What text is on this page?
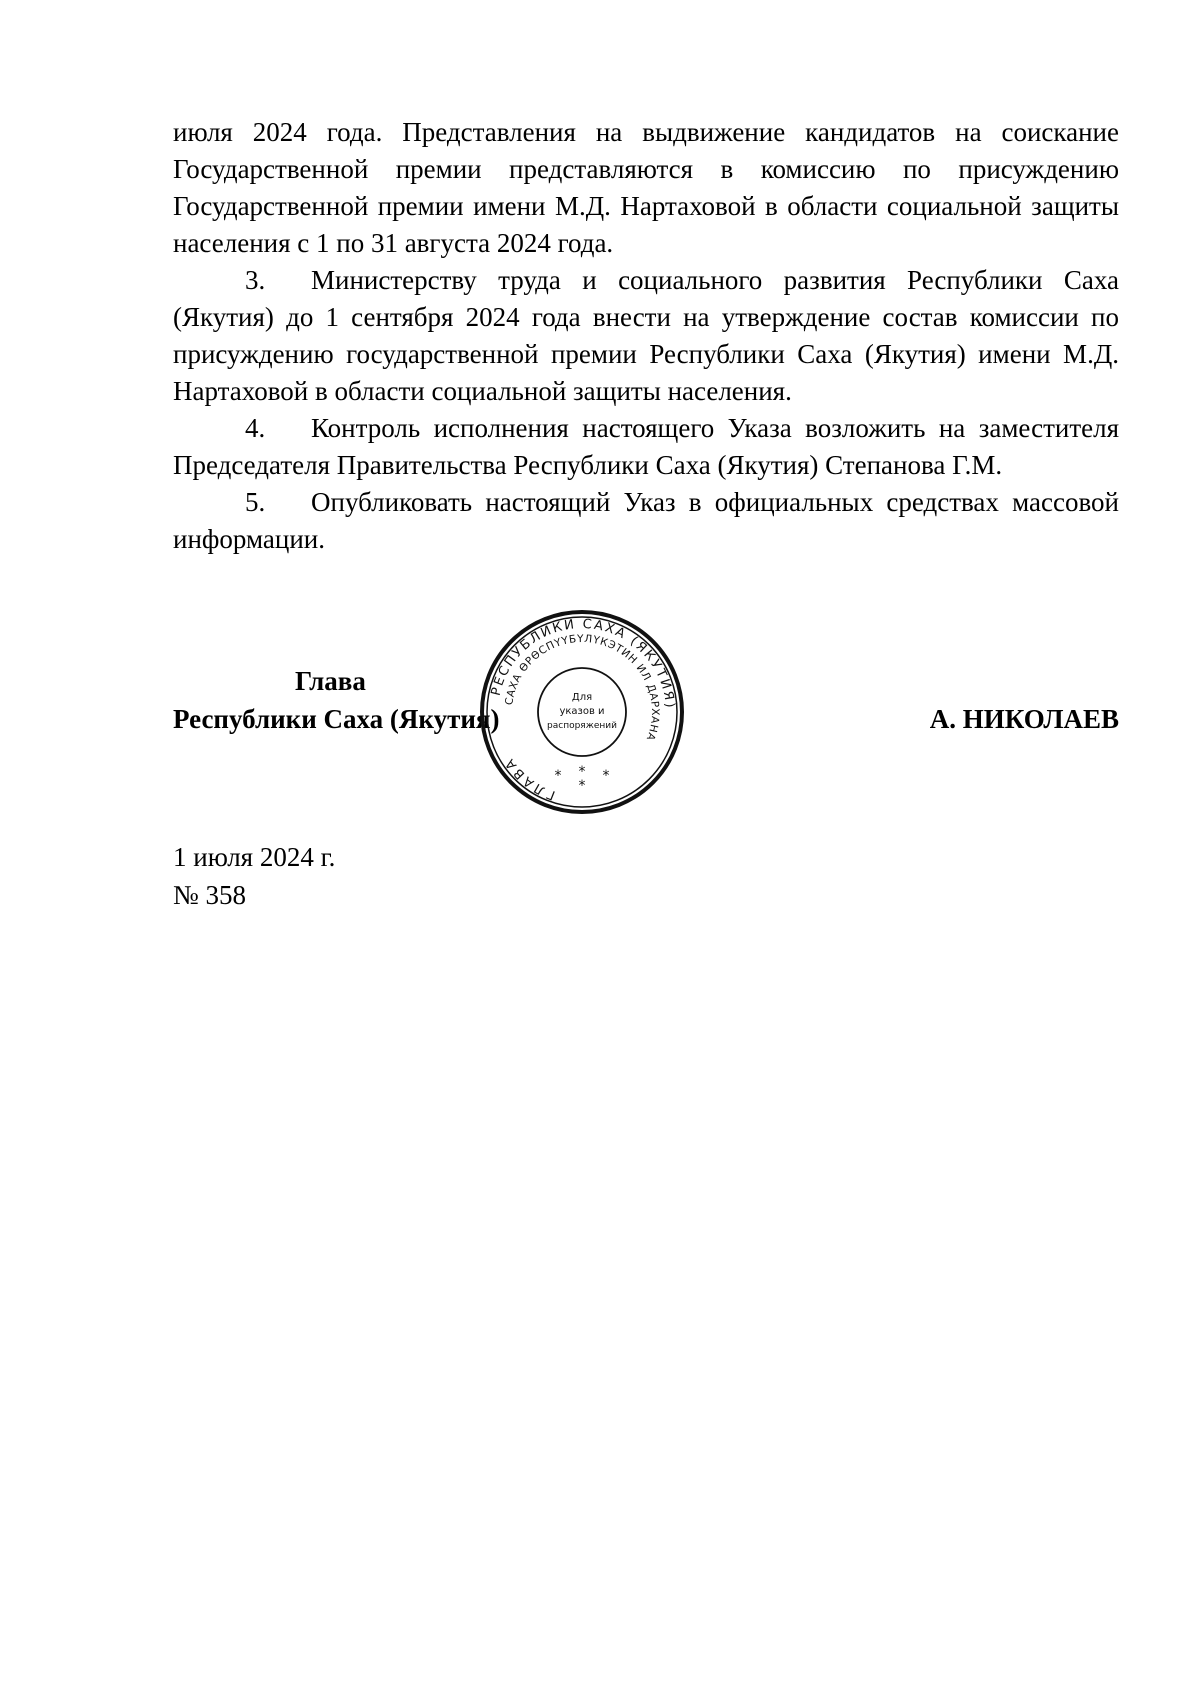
июля 2024 года. Представления на выдвижение кандидатов на соискание Государственной премии представляются в комиссию по присуждению Государственной премии имени М.Д. Нартаховой в области социальной защиты населения с 1 по 31 августа 2024 года.

3. Министерству труда и социального развития Республики Саха (Якутия) до 1 сентября 2024 года внести на утверждение состав комиссии по присуждению государственной премии Республики Саха (Якутия) имени М.Д. Нартаховой в области социальной защиты населения.

4. Контроль исполнения настоящего Указа возложить на заместителя Председателя Правительства Республики Саха (Якутия) Степанова Г.М.

5. Опубликовать настоящий Указ в официальных средствах массовой информации.

Глава
Республики Саха (Якутия)	А. НИКОЛАЕВ
РЕСПУБЛИКИ САХА (ЯКУТИЯ)
ГЛАВА
САХА ӨРӨСПҮҮБҮЛҮКЭТИН ИЛ ДАРХАНА
Для
указов и
распоряжений
* *
*
*
1 июля 2024 г.
№ 358
